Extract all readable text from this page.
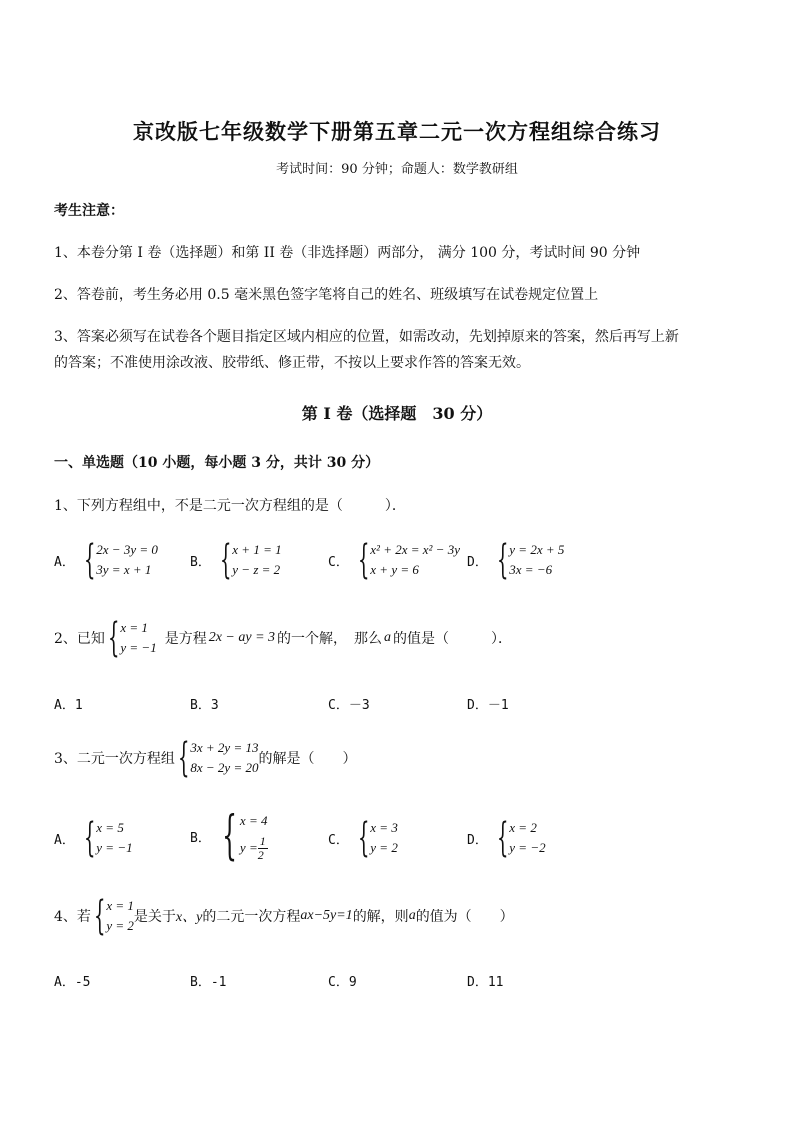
京改版七年级数学下册第五章二元一次方程组综合练习
考试时间：90 分钟；命题人：数学教研组
考生注意：
1、本卷分第 I 卷（选择题）和第 II 卷（非选择题）两部分， 满分 100 分，考试时间 90 分钟
2、答卷前，考生务必用 0.5 毫米黑色签字笔将自己的姓名、班级填写在试卷规定位置上
3、答案必须写在试卷各个题目指定区域内相应的位置，如需改动，先划掉原来的答案，然后再写上新
的答案；不准使用涂改液、胶带纸、修正带，不按以上要求作答的答案无效。
第 I 卷（选择题　30 分）
一、单选题（10 小题，每小题 3 分，共计 30 分）
1、下列方程组中，不是二元一次方程组的是（　　　）．
A． { 2x − 3y = 0
3y = x + 1	B． { x + 1 = 1
y − z = 2	C． { x² + 2x = x² − 3y
x + y = 6	D． { y = 2x + 5
3x = −6
2、已知 { x = 1
y = −1
是方程 2x − ay = 3 的一个解，　那么 a 的值是（　　　）．
A．1	B．3	C．－3	D．－1
3、二元一次方程组 { 3x + 2y = 13
8x − 2y = 20
的解是（　　）
A． { x = 5
y = −1
B． { x = 4
$y = \frac{1}{2}$	C． { x = 3
y = 2	D． { x = 2
y = −2
4、若 { x = 1
y = 2
是关于 x、y 的二元一次方程 ax−5y=1 的解，则 a 的值为（　　）
A．-5	B．-1	C．9	D．11
